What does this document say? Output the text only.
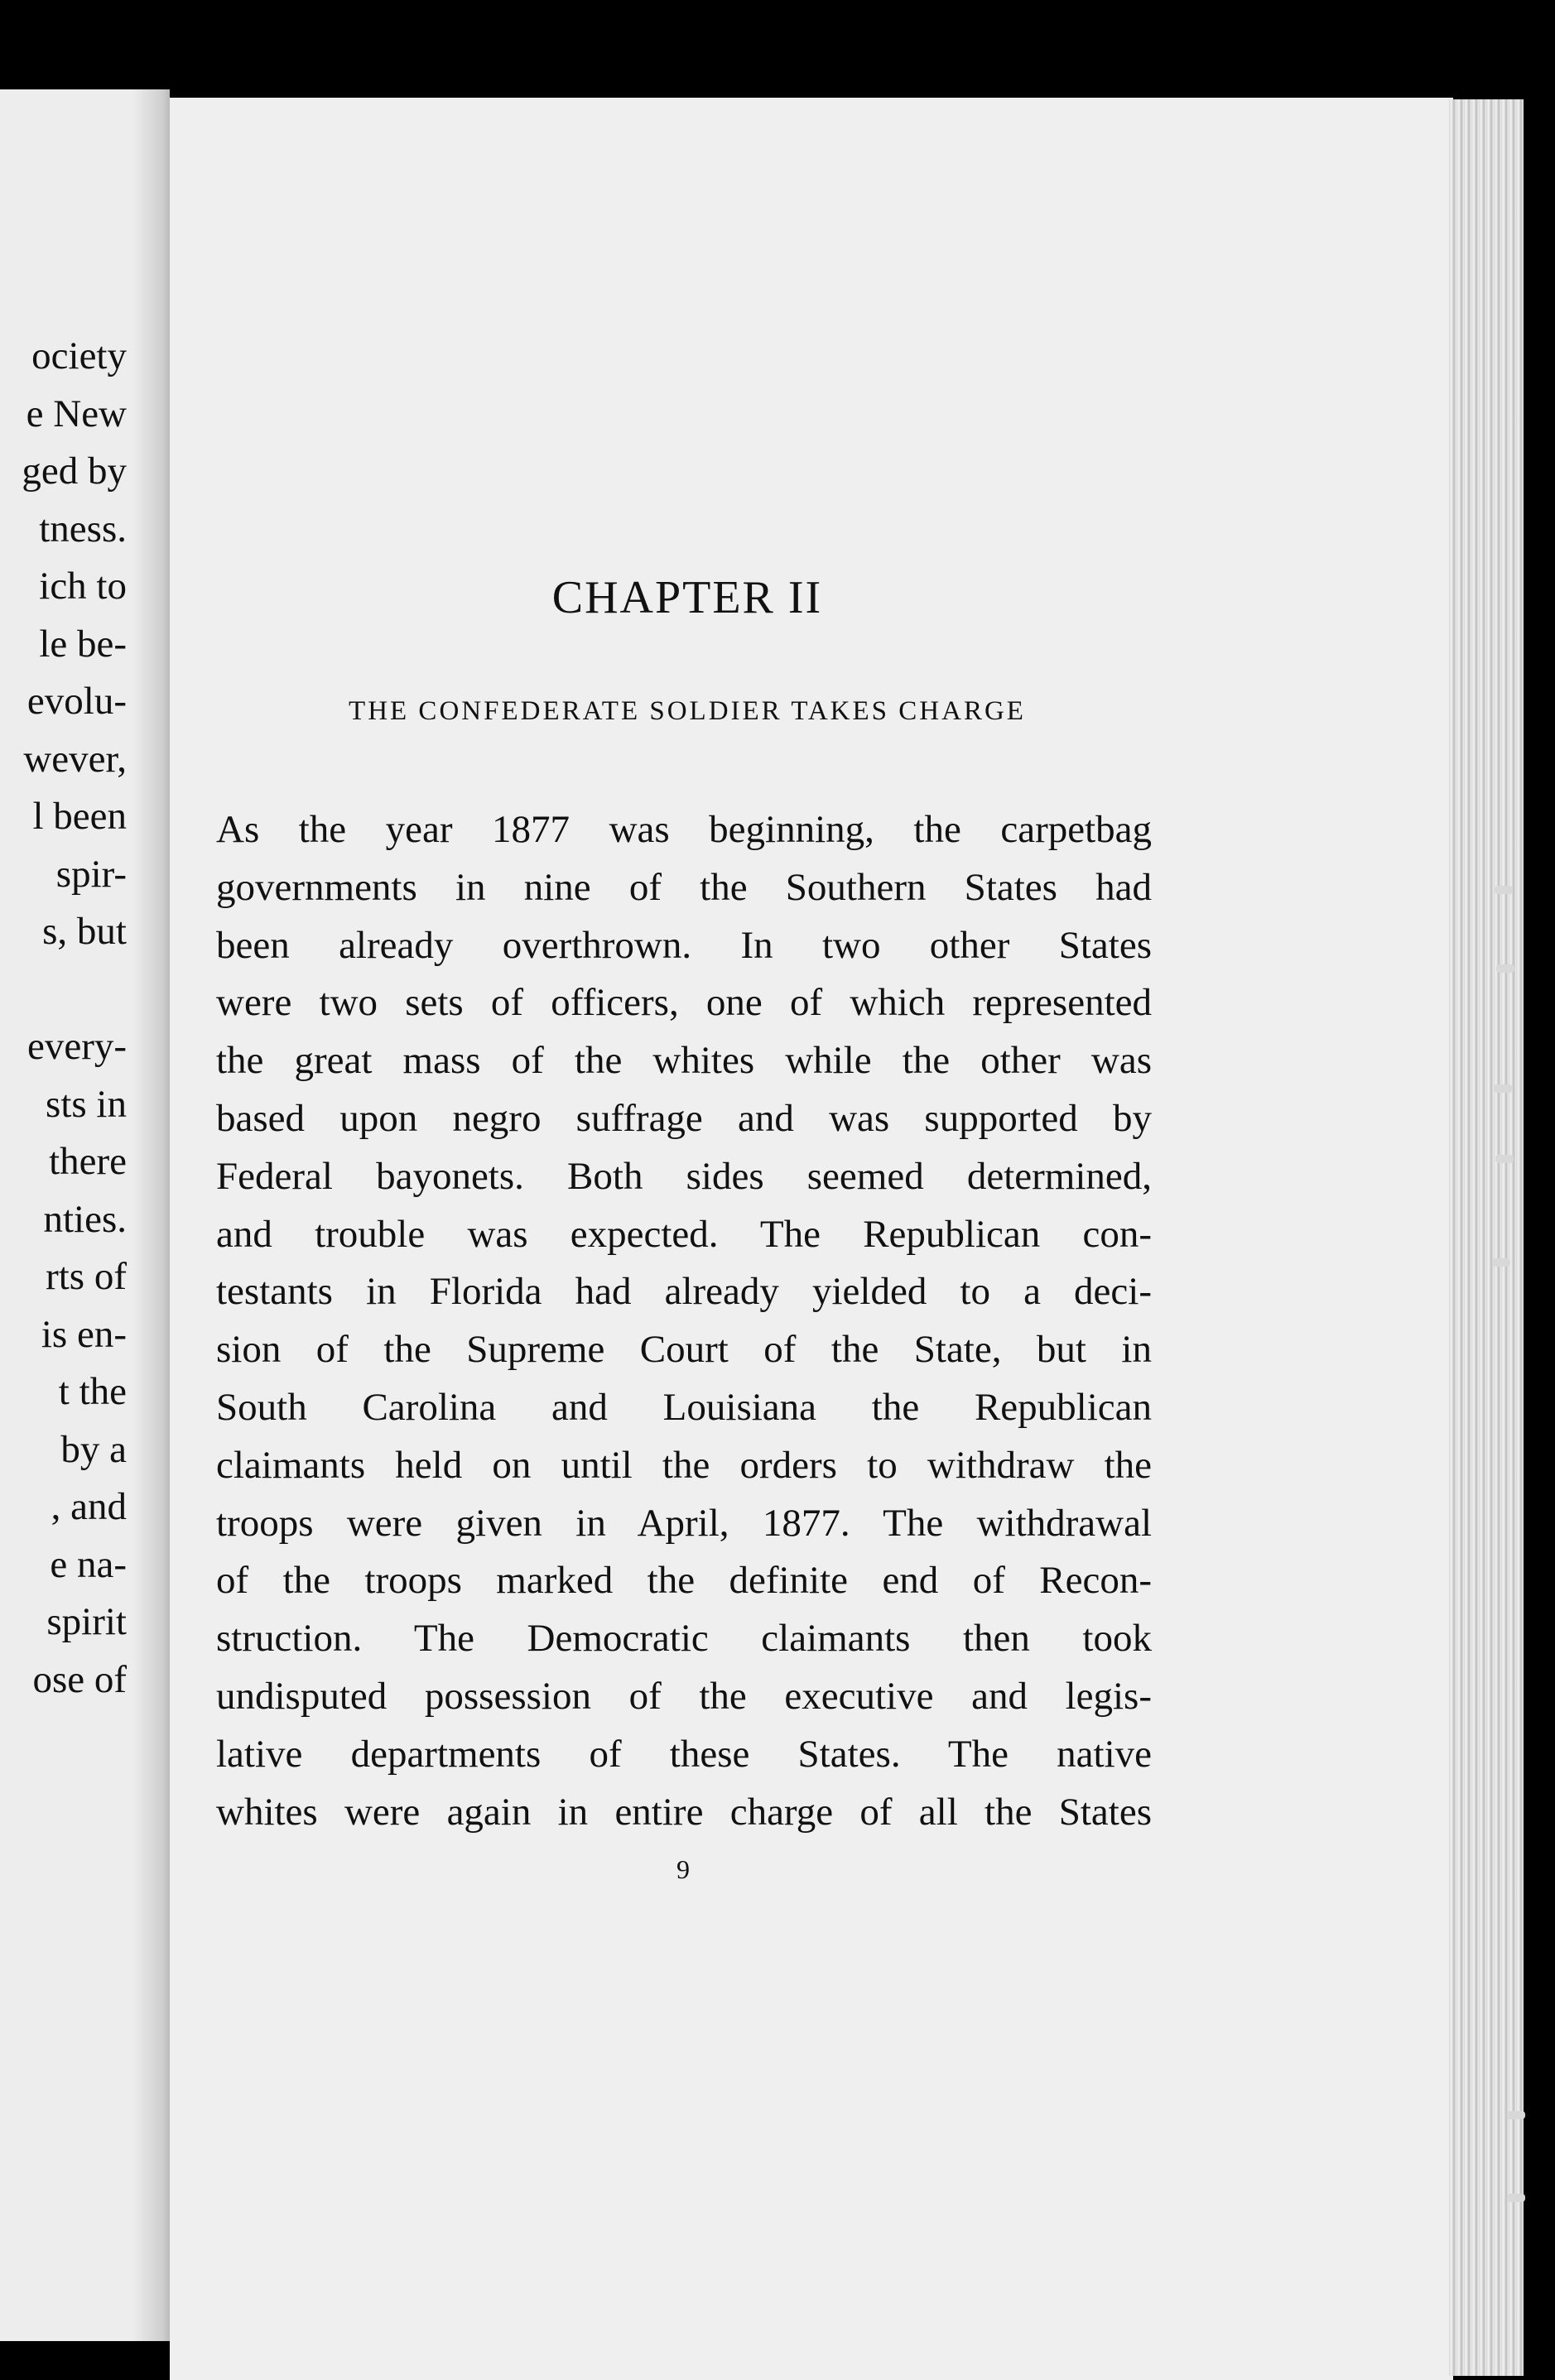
ociety
e New
ged by
tness.
ich to
le be-
evolu-
wever,
l been
spir-
s, but
every-
sts in
there
nties.
rts of
is en-
t the
by a
, and
e na-
spirit
ose of
CHAPTER II
THE CONFEDERATE SOLDIER TAKES CHARGE
As the year 1877 was beginning, the carpetbag
governments in nine of the Southern States had
been already overthrown. In two other States
were two sets of officers, one of which represented
the great mass of the whites while the other was
based upon negro suffrage and was supported by
Federal bayonets. Both sides seemed determined,
and trouble was expected. The Republican con-
testants in Florida had already yielded to a deci-
sion of the Supreme Court of the State, but in
South Carolina and Louisiana the Republican
claimants held on until the orders to withdraw the
troops were given in April, 1877. The withdrawal
of the troops marked the definite end of Recon-
struction. The Democratic claimants then took
undisputed possession of the executive and legis-
lative departments of these States. The native
whites were again in entire charge of all the States
9
